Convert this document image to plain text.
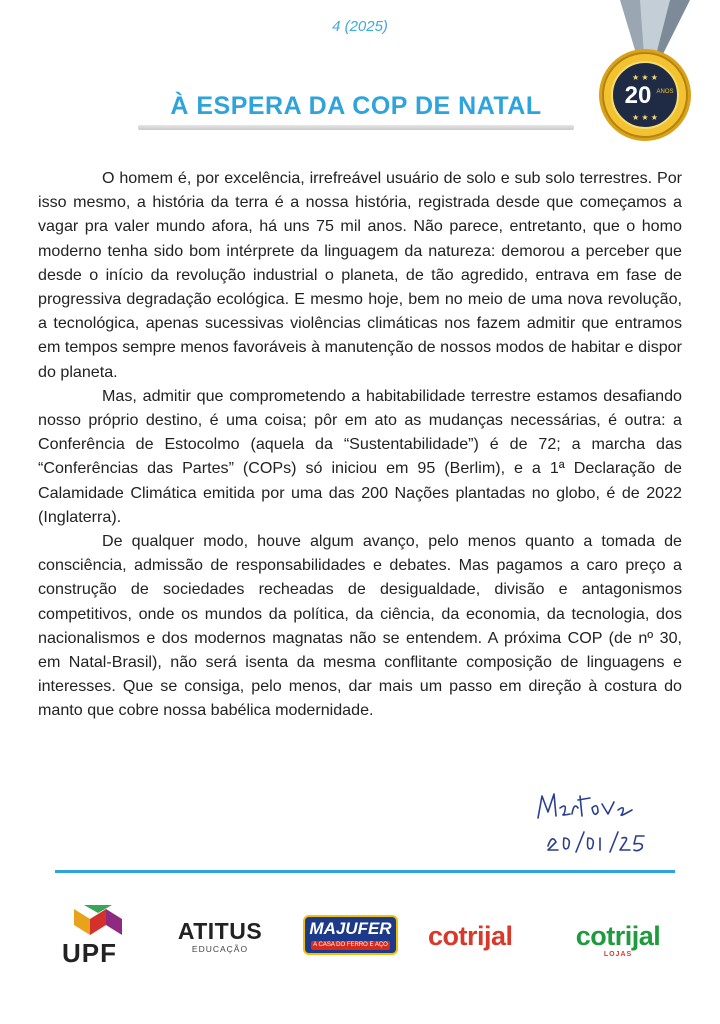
4 (2025)
20 ANOS
★ ★ ★
★ ★ ★
À ESPERA DA COP DE NATAL

O homem é, por excelência, irrefreável usuário de solo e sub solo terrestres. Por isso mesmo, a história da terra é a nossa história, registrada desde que começamos a vagar pra valer mundo afora, há uns 75 mil anos. Não parece, entretanto, que o homo moderno tenha sido bom intérprete da linguagem da natureza: demorou a perceber que desde o início da revolução industrial o planeta, de tão agredido, entrava em fase de progressiva degradação ecológica. E mesmo hoje, bem no meio de uma nova revolução, a tecnológica, apenas sucessivas violências climáticas nos fazem admitir que entramos em tempos sempre menos favoráveis à manutenção de nossos modos de habitar e dispor do planeta.

Mas, admitir que comprometendo a habitabilidade terrestre estamos desafiando nosso próprio destino, é uma coisa; pôr em ato as mudanças necessárias, é outra: a Conferência de Estocolmo (aquela da “Sustentabilidade”) é de 72; a marcha das “Conferências das Partes” (COPs) só iniciou em 95 (Berlim), e a 1ª Declaração de Calamidade Climática emitida por uma das 200 Nações plantadas no globo, é de 2022 (Inglaterra).

De qualquer modo, houve algum avanço, pelo menos quanto a tomada de consciência, admissão de responsabilidades e debates. Mas pagamos a caro preço a construção de sociedades recheadas de desigualdade, divisão e antagonismos competitivos, onde os mundos da política, da ciência, da economia, da tecnologia, dos nacionalismos e dos modernos magnatas não se entendem. A próxima COP (de nº 30, em Natal-Brasil), não será isenta da mesma conflitante composição de linguagens e interesses. Que se consiga, pelo menos, dar mais um passo em direção à costura do manto que cobre nossa babélica modernidade.

UPF
ATITUS
EDUCAÇÃO
MAJUFER
A CASA DO FERRO E AÇO cotrijal	cotrijal
LOJAS
